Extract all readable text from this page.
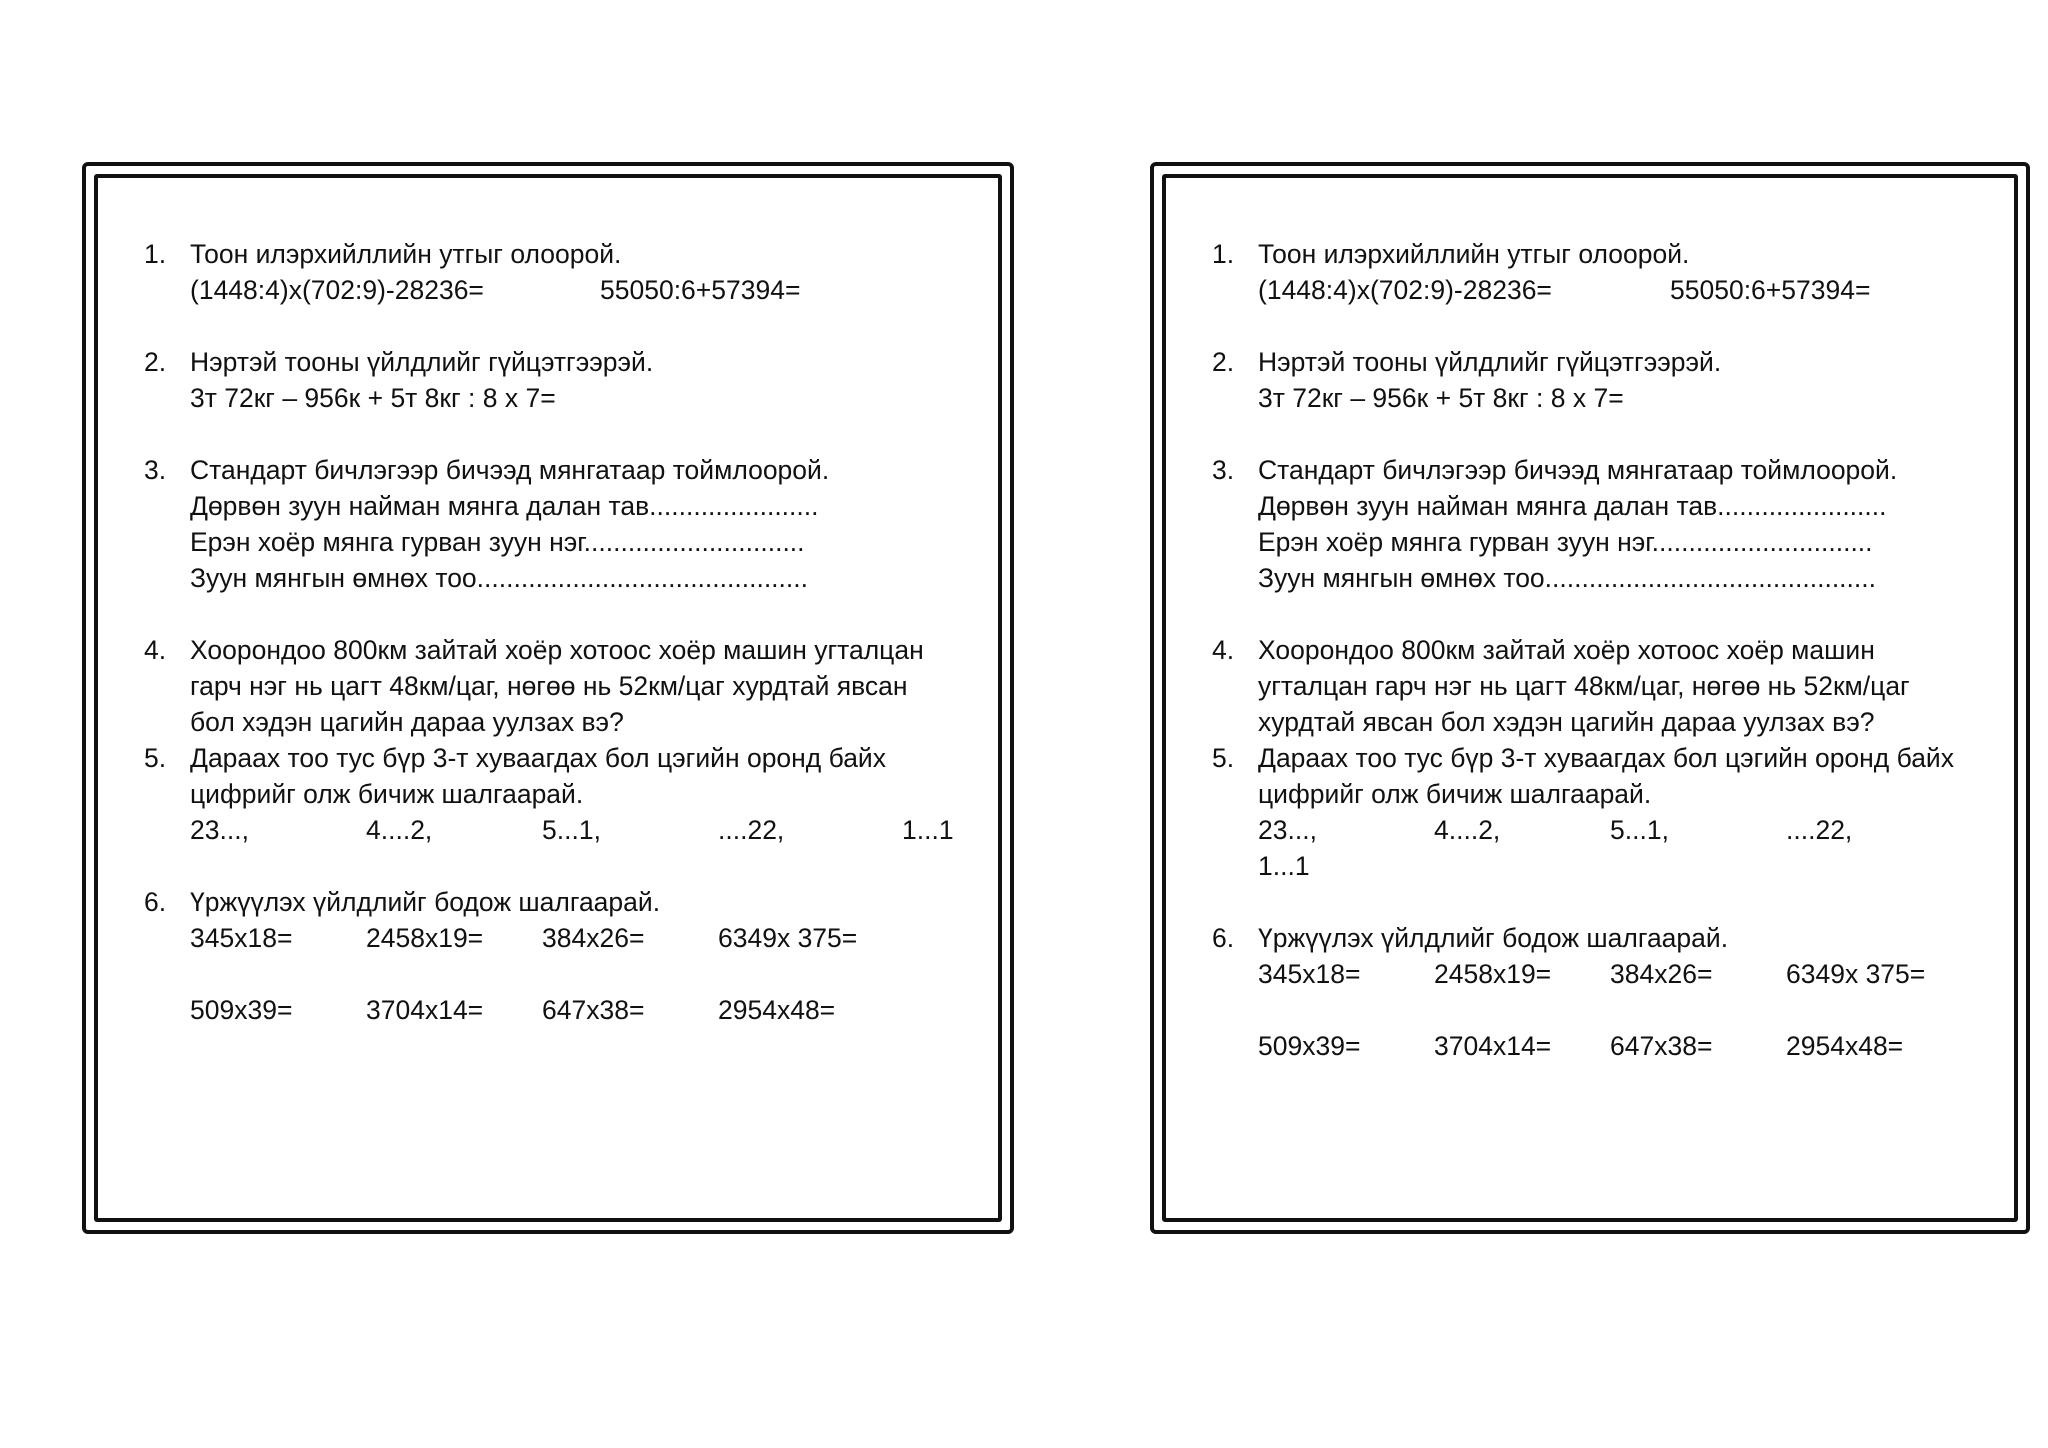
1. Тоон илэрхийллийн утгыг олоорой.
(1448:4)x(702:9)-28236=	55050:6+57394=
2. Нэртэй тооны үйлдлийг гүйцэтгээрэй.
3т 72кг – 956к + 5т 8кг : 8 x 7=
3. Стандарт бичлэгээр бичээд мянгатаар тоймлоорой.
Дөрвөн зуун найман мянга далан тав.......................
Ерэн хоёр мянга гурван зуун нэг..............................
Зуун мянгын өмнөх тоо.............................................
4. Хоорондоо 800км зайтай хоёр хотоос хоёр машин угталцан
гарч нэг нь цагт 48км/цаг, нөгөө нь 52км/цаг хурдтай явсан
бол хэдэн цагийн дараа уулзах вэ?
5. Дараах тоо тус бүр 3-т хуваагдах бол цэгийн оронд байх
цифрийг олж бичиж шалгаарай.
23...,	4....2,	5...1,	....22,	1...1
6. Үржүүлэх үйлдлийг бодож шалгаарай.
345x18=	2458x19=	384x26=	6349x 375=
509x39=	3704x14=	647x38=	2954x48=
1. Тоон илэрхийллийн утгыг олоорой.
(1448:4)x(702:9)-28236=	55050:6+57394=
2. Нэртэй тооны үйлдлийг гүйцэтгээрэй.
3т 72кг – 956к + 5т 8кг : 8 x 7=
3. Стандарт бичлэгээр бичээд мянгатаар тоймлоорой.
Дөрвөн зуун найман мянга далан тав.......................
Ерэн хоёр мянга гурван зуун нэг..............................
Зуун мянгын өмнөх тоо.............................................
4. Хоорондоо 800км зайтай хоёр хотоос хоёр машин
угталцан гарч нэг нь цагт 48км/цаг, нөгөө нь 52км/цаг
хурдтай явсан бол хэдэн цагийн дараа уулзах вэ?
5. Дараах тоо тус бүр 3-т хуваагдах бол цэгийн оронд байх
цифрийг олж бичиж шалгаарай.
23...,	4....2,	5...1,	....22,
1...1
6. Үржүүлэх үйлдлийг бодож шалгаарай.
345x18=	2458x19=	384x26=	6349x 375=
509x39=	3704x14=	647x38=	2954x48=
